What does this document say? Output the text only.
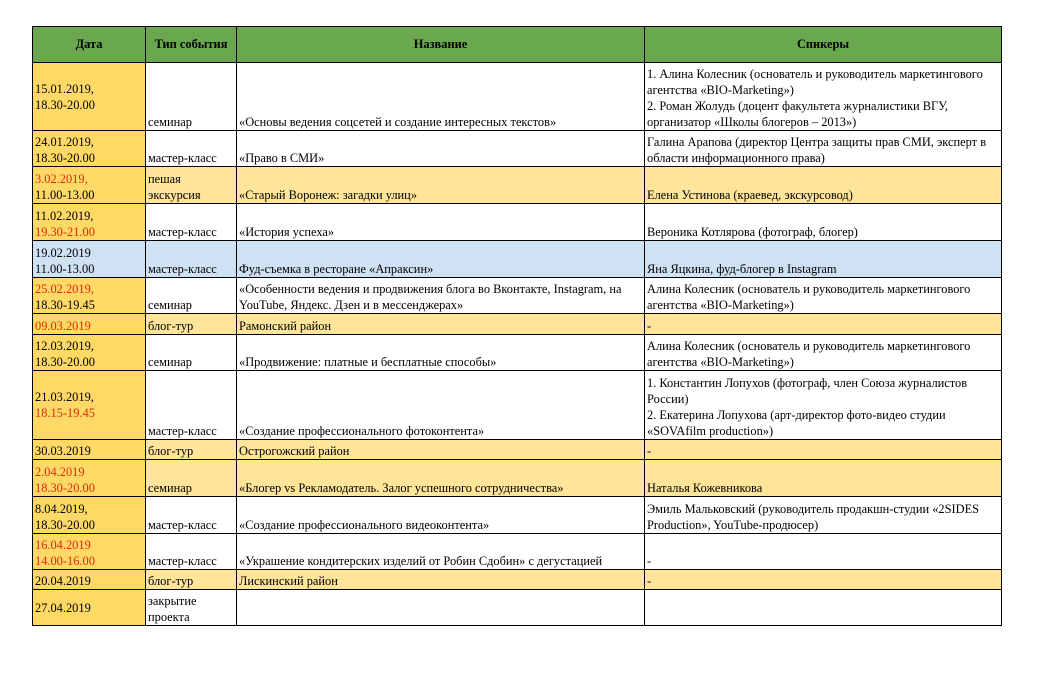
Дата	Тип события	Название	Спикеры

15.01.2019,
18.30-20.00	семинар	«Основы ведения соцсетей и создание интересных текстов»	1. Алина Колесник (основатель и руководитель маркетингового агентства «BIO-Marketing»)
2. Роман Жолудь (доцент факультета журналистики ВГУ, организатор «Школы блогеров – 2013»)

24.01.2019,
18.30-20.00	мастер-класс	«Право в СМИ»	Галина Арапова (директор Центра защиты прав СМИ, эксперт в области информационного права)

3.02.2019,
11.00-13.00	пешая экскурсия	«Старый Воронеж: загадки улиц»	Елена Устинова (краевед, экскурсовод)

11.02.2019,
19.30-21.00	мастер-класс	«История успеха»	Вероника Котлярова (фотограф, блогер)

19.02.2019
11.00-13.00	мастер-класс	Фуд-съемка в ресторане «Апраксин»	Яна Яцкина, фуд-блогер в Instagram

25.02.2019,
18.30-19.45	семинар	«Особенности ведения и продвижения блога во Вконтакте, Instagram, на YouTube, Яндекс. Дзен и в мессенджерах»	Алина Колесник (основатель и руководитель маркетингового агентства «BIO-Marketing»)

09.03.2019	блог-тур	Рамонский район	-

12.03.2019,
18.30-20.00	семинар	«Продвижение: платные и бесплатные способы»	Алина Колесник (основатель и руководитель маркетингового агентства «BIO-Marketing»)

21.03.2019,
18.15-19.45	мастер-класс	«Создание профессионального фотоконтента»	1. Константин Лопухов (фотограф, член Союза журналистов России)
2. Екатерина Лопухова (арт-директор фото-видео студии «SOVAfilm production»)

30.03.2019	блог-тур	Острогожский район	-

2.04.2019
18.30-20.00	семинар	«Блогер vs Рекламодатель. Залог успешного сотрудничества»	Наталья Кожевникова

8.04.2019,
18.30-20.00	мастер-класс	«Создание профессионального видеоконтента»	Эмиль Мальковский (руководитель продакшн-студии «2SIDES Production», YouTube-продюсер)

16.04.2019
14.00-16.00	мастер-класс	«Украшение кондитерских изделий от Робин Сдобин» с дегустацией	-

20.04.2019	блог-тур	Лискинский район	-

27.04.2019	закрытие проекта		
